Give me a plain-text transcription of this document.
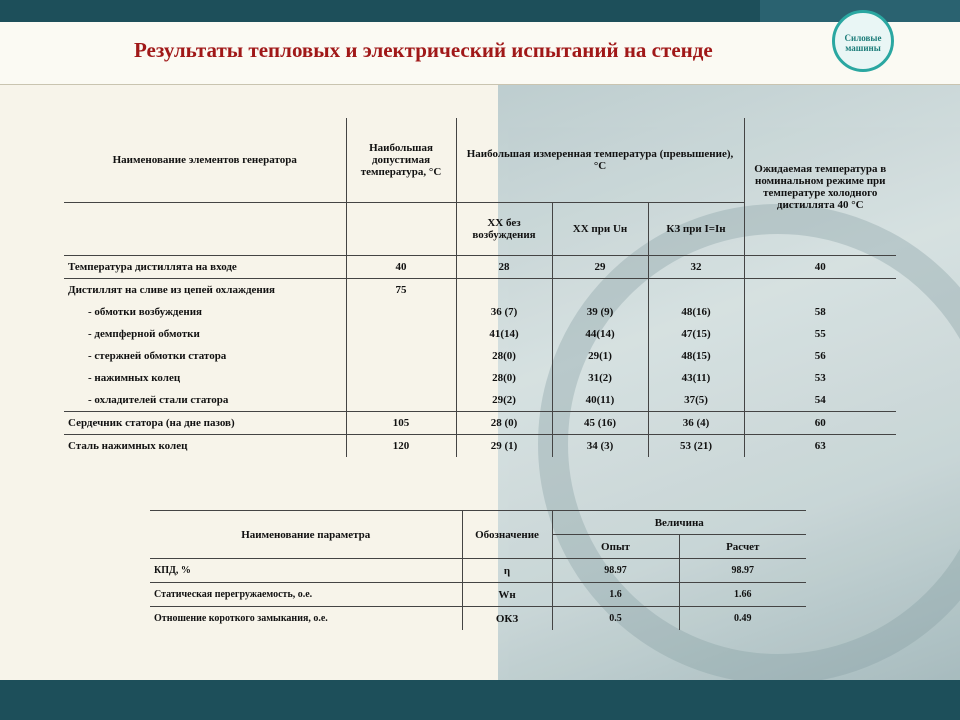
Результаты тепловых и электрический испытаний на стенде	Силовые
машины
Наименование элементов генератора	Наибольшая допустимая температура, °С	Наибольшая измеренная температура (превышение), °С			Ожидаемая температура в номинальном режиме при температуре холодного дистиллята 40 °С
		ХХ без возбуждения	ХХ при Uн	КЗ при I=Iн	
Температура дистиллята на входе	40	28	29	32	40
Дистиллят на сливе из цепей охлаждения	75				
- обмотки возбуждения		36 (7)	39 (9)	48(16)	58
- демпферной обмотки		41(14)	44(14)	47(15)	55
- стержней обмотки статора		28(0)	29(1)	48(15)	56
- нажимных колец		28(0)	31(2)	43(11)	53
- охладителей стали статора		29(2)	40(11)	37(5)	54
Сердечник статора (на дне пазов)	105	28 (0)	45 (16)	36 (4)	60
Сталь нажимных колец	120	29 (1)	34 (3)	53 (21)	63
Наименование параметра	Обозначение	Величина	
		Опыт	Расчет
КПД, %	η	98.97	98.97
Статическая перегружаемость, о.е.	Wн	1.6	1.66
Отношение короткого замыкания, о.е.	ОКЗ	0.5	0.49
